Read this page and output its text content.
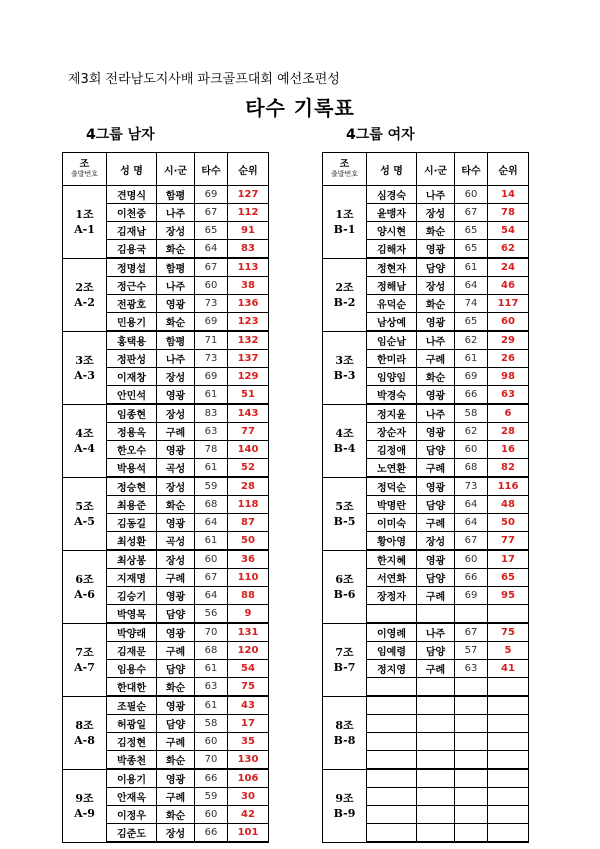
제3회 전라남도지사배 파크골프대회 예선조편성
타수 기록표
4그룹 남자	4그룹 여자
조
출발번호	성 명	시·군	타수	순위

1조
A-1	견명식	함평	69	127
	이천중	나주	67	112
	김재남	장성	65	91
	김용국	화순	64	83

2조
A-2	정명섭	함평	67	113
	정근수	나주	60	38
	전광호	영광	73	136
	민용기	화순	69	123

3조
A-3	홍택용	함평	71	132
	정판성	나주	73	137
	이재창	장성	69	129
	안민석	영광	61	51

4조
A-4	임종현	장성	83	143
	정용옥	구례	63	77
	한오수	영광	78	140
	박용석	곡성	61	52

5조
A-5	정승현	장성	59	28
	최용준	화순	68	118
	김동길	영광	64	87
	최성환	곡성	61	50

6조
A-6	최상봉	장성	60	36
	지재명	구례	67	110
	김승기	영광	64	88
	박영목	담양	56	9

7조
A-7	박양래	영광	70	131
	김재문	구례	68	120
	임용수	담양	61	54
	한대한	화순	63	75

8조
A-8	조필순	영광	61	43
	허광일	담양	58	17
	김정현	구례	60	35
	박종천	화순	70	130

9조
A-9	이용기	영광	66	106
	안재옥	구례	59	30
	이정우	화순	60	42
	김준도	장성	66	101
조
출발번호	성 명	시·군	타수	순위

1조
B-1	심경숙	나주	60	14
	윤맹자	장성	67	78
	양시현	화순	65	54
	김해자	영광	65	62

2조
B-2	정현자	담양	61	24
	정해남	장성	64	46
	유덕순	화순	74	117
	남상예	영광	65	60

3조
B-3	임순남	나주	62	29
	한미라	구례	61	26
	임양임	화순	69	98
	박경숙	영광	66	63

4조
B-4	정지윤	나주	58	6
	장순자	영광	62	28
	김정애	담양	60	16
	노연환	구례	68	82

5조
B-5	정덕순	영광	73	116
	박명란	담양	64	48
	이미숙	구례	64	50
	황아영	장성	67	77

6조
B-6	한지혜	영광	60	17
	서연화	담양	66	65
	장정자	구례	69	95

7조
B-7	이영례	나주	67	75
	임예령	담양	57	5
	정지영	구례	63	41

8조
B-8				

9조
B-9				
